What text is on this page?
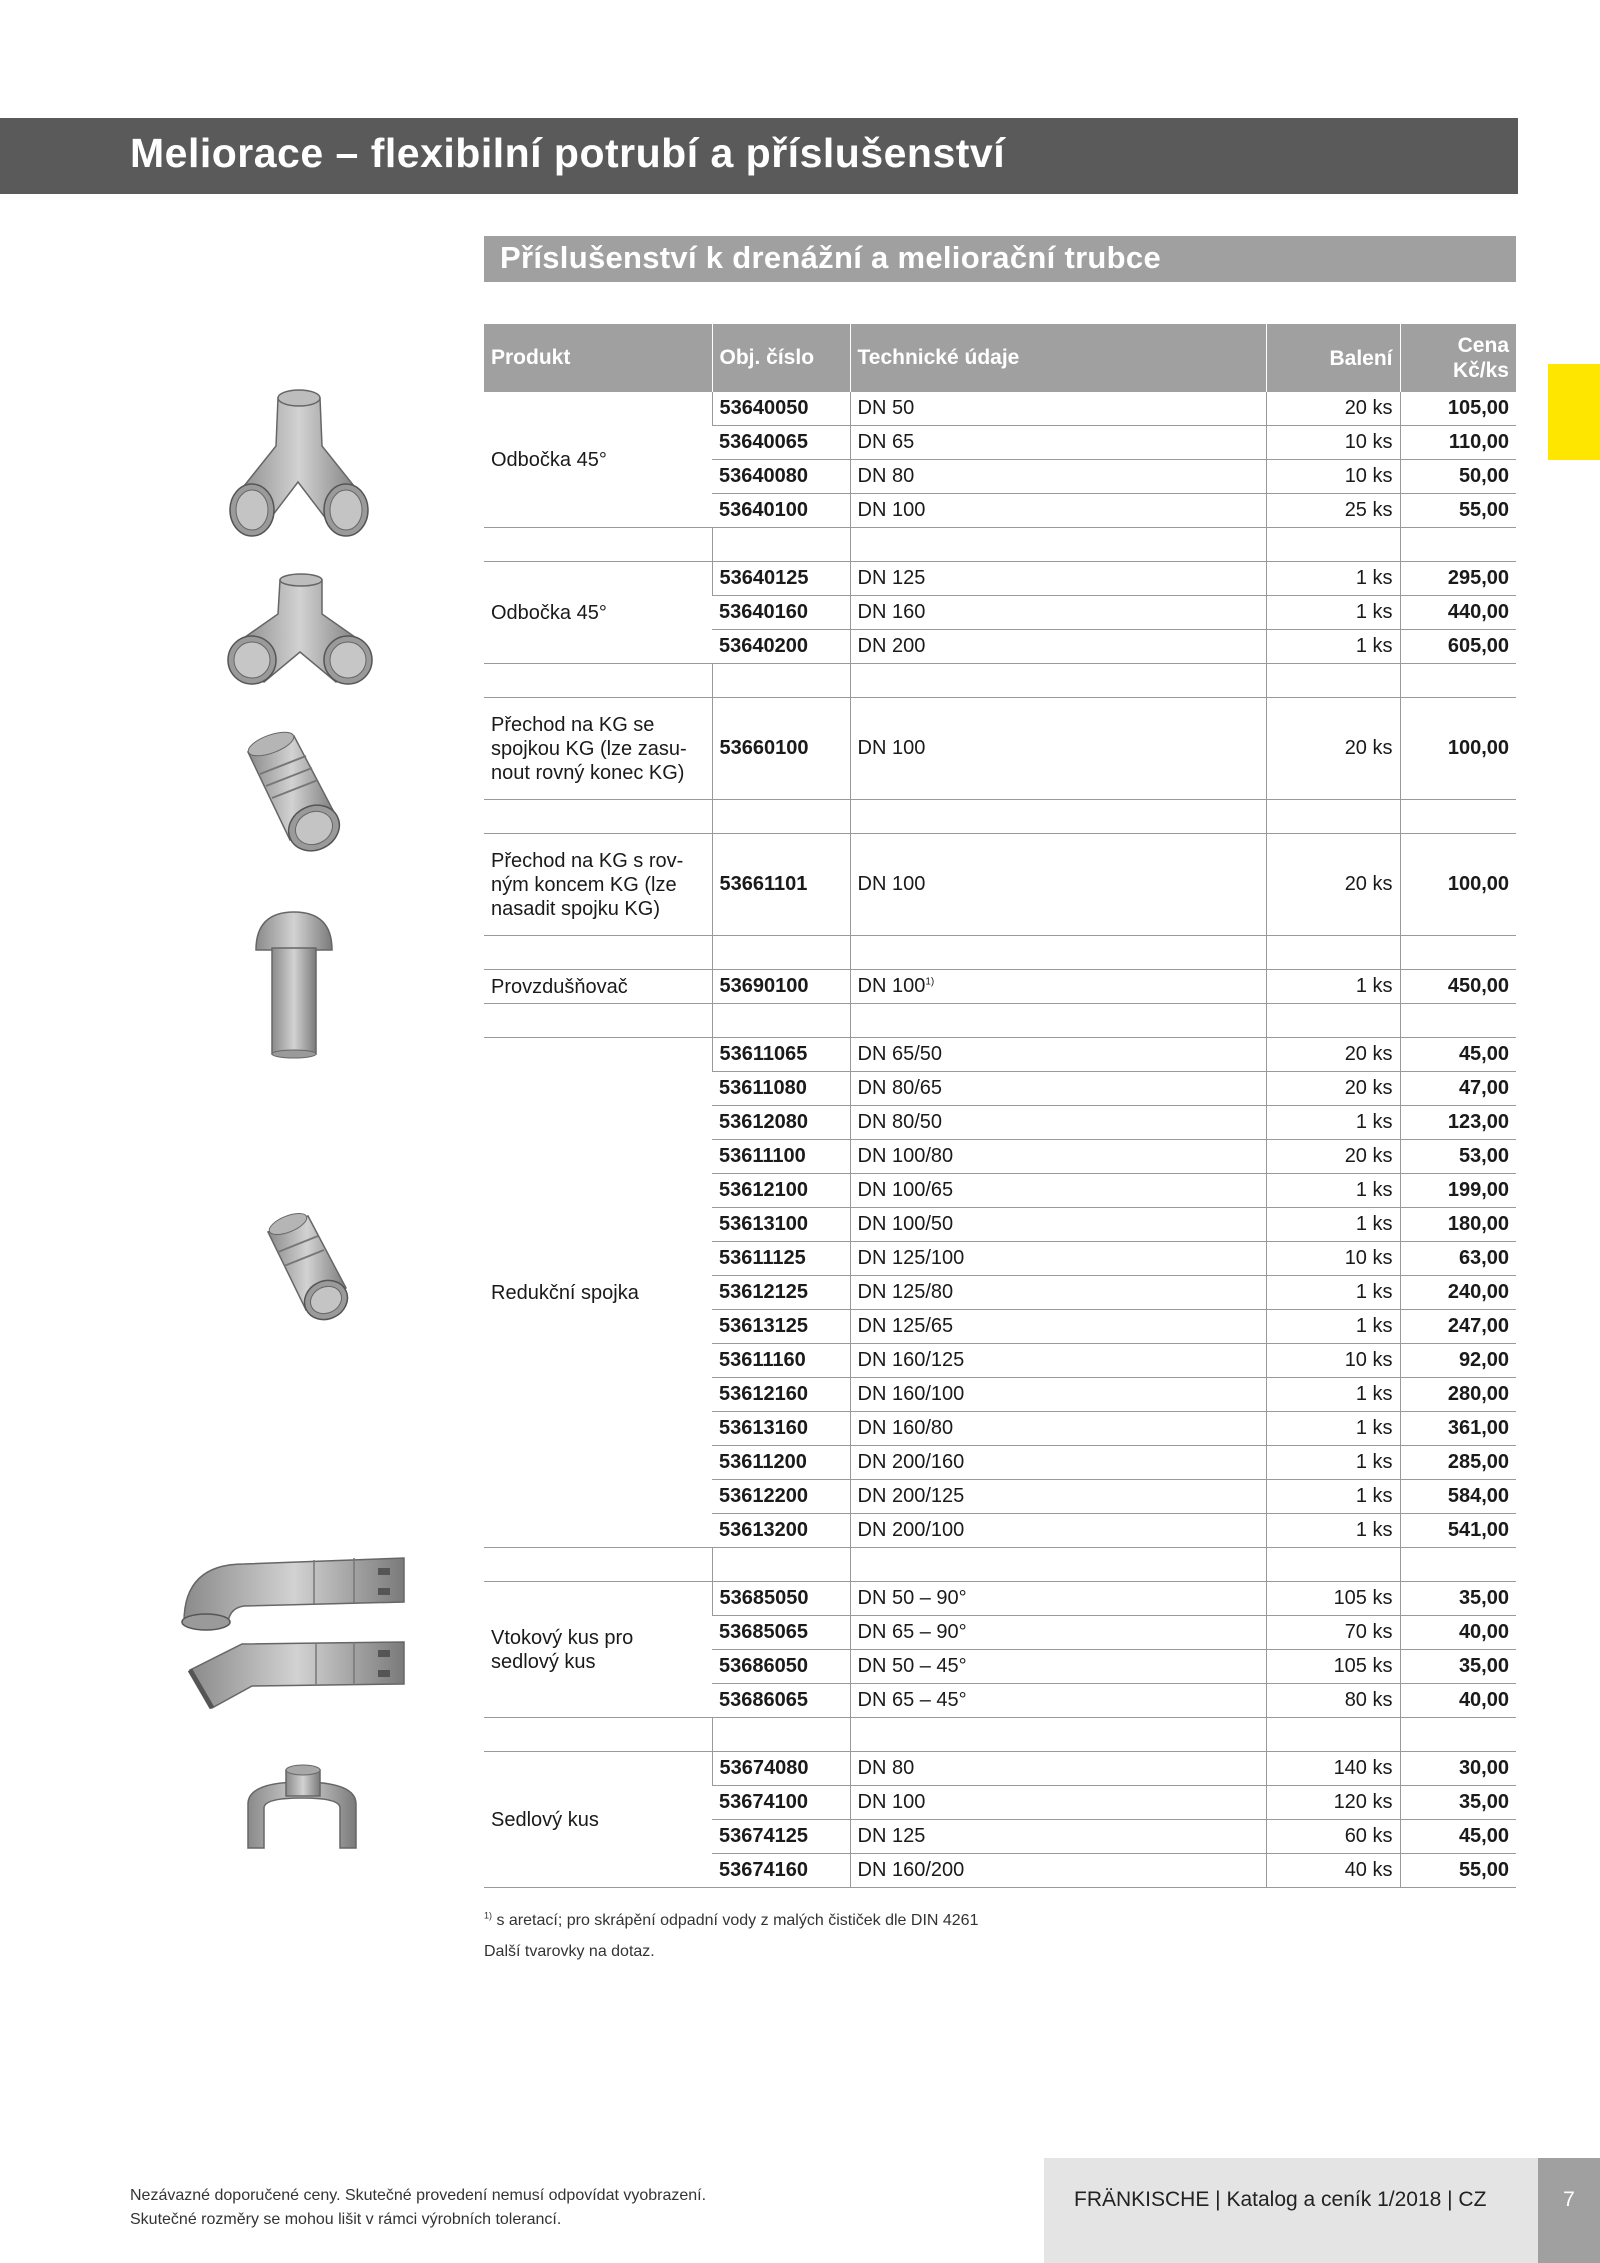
Meliorace – flexibilní potrubí a příslušenství
Příslušenství k drenážní a meliorační trubce
Produkt	Obj. číslo	Technické údaje	Balení	Cena
Kč/ks
Odbočka 45°	53640050	DN 50	20 ks	105,00
	53640065	DN 65	10 ks	110,00
	53640080	DN 80	10 ks	50,00
	53640100	DN 100	25 ks	55,00

Odbočka 45°	53640125	DN 125	1 ks	295,00
	53640160	DN 160	1 ks	440,00
	53640200	DN 200	1 ks	605,00

Přechod na KG se spojkou KG (lze zasu-nout rovný konec KG)	53660100	DN 100	20 ks	100,00

Přechod na KG s rov-ným koncem KG (lze nasadit spojku KG)	53661101	DN 100	20 ks	100,00

Provzdušňovač	53690100	DN 100$^{1)}$	1 ks	450,00

Redukční spojka	53611065	DN 65/50	20 ks	45,00
	53611080	DN 80/65	20 ks	47,00
	53612080	DN 80/50	1 ks	123,00
	53611100	DN 100/80	20 ks	53,00
	53612100	DN 100/65	1 ks	199,00
	53613100	DN 100/50	1 ks	180,00
	53611125	DN 125/100	10 ks	63,00
	53612125	DN 125/80	1 ks	240,00
	53613125	DN 125/65	1 ks	247,00
	53611160	DN 160/125	10 ks	92,00
	53612160	DN 160/100	1 ks	280,00
	53613160	DN 160/80	1 ks	361,00
	53611200	DN 200/160	1 ks	285,00
	53612200	DN 200/125	1 ks	584,00
	53613200	DN 200/100	1 ks	541,00

Vtokový kus pro sedlový kus	53685050	DN 50 – 90°	105 ks	35,00
	53685065	DN 65 – 90°	70 ks	40,00
	53686050	DN 50 – 45°	105 ks	35,00
	53686065	DN 65 – 45°	80 ks	40,00

Sedlový kus	53674080	DN 80	140 ks	30,00
	53674100	DN 100	120 ks	35,00
	53674125	DN 125	60 ks	45,00
	53674160	DN 160/200	40 ks	55,00
$^{1)}$ s aretací; pro skrápění odpadní vody z malých čističek dle DIN 4261
Další tvarovky na dotaz.
Nezávazné doporučené ceny. Skutečné provedení nemusí odpovídat vyobrazení.
Skutečné rozměry se mohou lišit v rámci výrobních tolerancí.
FRÄNKISCHE | Katalog a ceník 1/2018 | CZ	7
